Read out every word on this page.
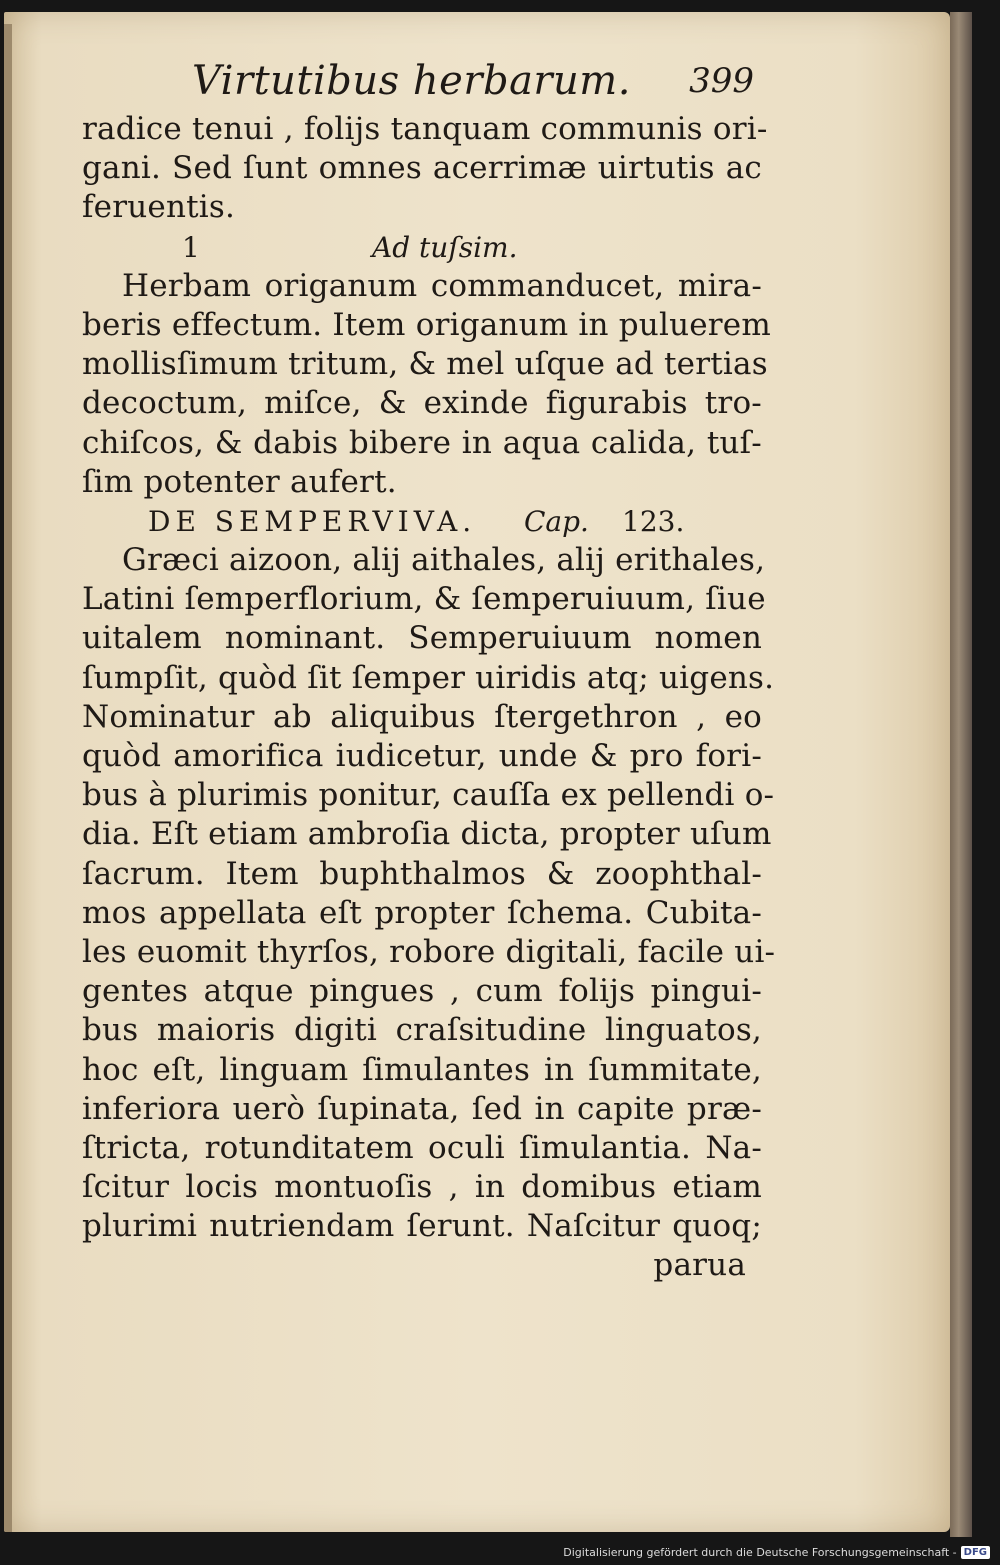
Virtutibus herbarum. 399
radice tenui , folijs tanquam communis ori-
gani. Sed ſunt omnes acerrimæ uirtutis ac
feruentis.
1	Ad tuſsim.
Herbam origanum commanducet, mira-
beris effectum. Item origanum in puluerem
mollisſimum tritum, & mel uſque ad tertias
decoctum, miſce, & exinde figurabis tro-
chiſcos, & dabis bibere in aqua calida, tuſ-
ſim potenter aufert.
DE SEMPERVIVA. Cap. 123.
Græci aizoon, alij aithales, alij erithales,
Latini ſemperflorium, & ſemperuiuum, ſiue
uitalem nominant. Semperuiuum nomen
ſumpſit, quòd ſit ſemper uiridis atq; uigens.
Nominatur ab aliquibus ſtergethron , eo
quòd amorifica iudicetur, unde & pro fori-
bus à plurimis ponitur, cauſſa ex pellendi o-
dia. Eſt etiam ambroſia dicta, propter uſum
ſacrum. Item buphthalmos & zoophthal-
mos appellata eſt propter ſchema. Cubita-
les euomit thyrſos, robore digitali, facile ui-
gentes atque pingues , cum folijs pingui-
bus maioris digiti craſsitudine linguatos,
hoc eſt, linguam ſimulantes in ſummitate,
inferiora uerò ſupinata, ſed in capite præ-
ſtricta, rotunditatem oculi ſimulantia. Na-
ſcitur locis montuoſis , in domibus etiam
plurimi nutriendam ſerunt. Naſcitur quoq;
parua
Digitalisierung gefördert durch die Deutsche Forschungsgemeinschaft - DFG
